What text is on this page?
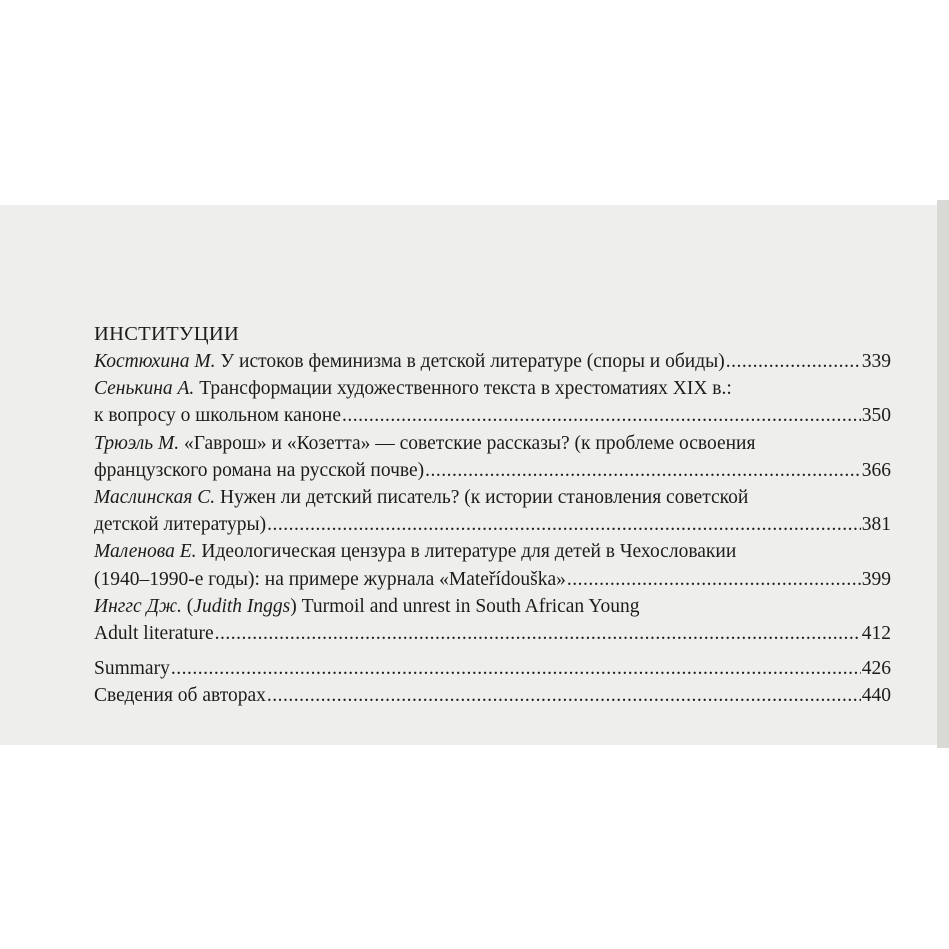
ИНСТИТУЦИИ
Костюхина М. У истоков феминизма в детской литературе (споры и обиды) .....	339
Сенькина А. Трансформации художественного текста в хрестоматиях XIX в.:
к вопросу о школьном каноне .....	350
Трюэль М. «Гаврош» и «Козетта» — советские рассказы? (к проблеме освоения
французского романа на русской почве) .....	366
Маслинская С. Нужен ли детский писатель? (к истории становления советской
детской литературы) .....	381
Маленова Е. Идеологическая цензура в литературе для детей в Чехословакии
(1940–1990-е годы): на примере журнала «Mateřídouška» .....	399
Инггс Дж. (Judith Inggs) Turmoil and unrest in South African Young
Adult literature .....	412
Summary .....	426
Сведения об авторах .....	440
